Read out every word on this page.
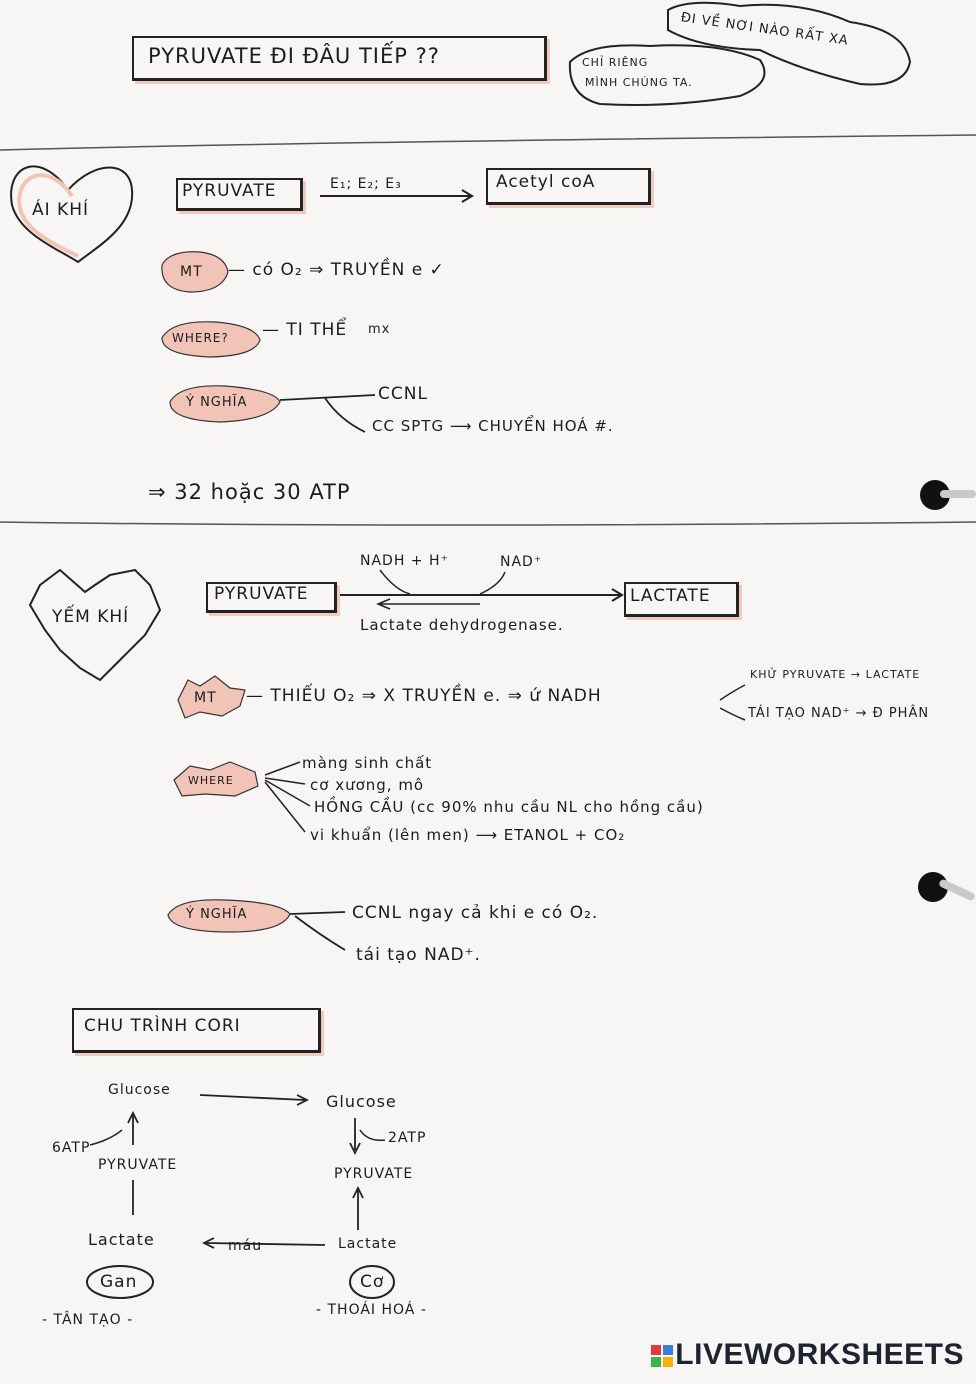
PYRUVATE ĐI ĐÂU TIẾP ??
ĐI VỀ NƠI NÀO RẤT XA
CHỈ RIÊNG
MÌNH CHÚNG TA.
ÁI KHÍ
PYRUVATE	E₁; E₂; E₃	Acetyl coA
MT — có O₂ ⇒ TRUYỀN e ✓
WHERE? — TI THỂ mx
Ý NGHĨA	CCNL
CC SPTG ⟶ CHUYỂN HOÁ #.
⇒ 32 hoặc 30 ATP
YẾM KHÍ
NADH + H⁺	NAD⁺
PYRUVATE	LACTATE
Lactate dehydrogenase.
MT — THIẾU O₂ ⇒ X TRUYỀN e. ⇒ ứ NADH
KHỬ PYRUVATE → LACTATE
TÁI TẠO NAD⁺ → Đ PHÂN
WHERE
màng sinh chất
cơ xương, mô
HỒNG CẦU (cc 90% nhu cầu NL cho hồng cầu)
vi khuẩn (lên men) ⟶ ETANOL + CO₂
Ý NGHĨA	CCNL ngay cả khi e có O₂.
tái tạo NAD⁺.
CHU TRÌNH CORI
Glucose
6ATP
PYRUVATE
Lactate
Gan
- TÂN TẠO -
Glucose
2ATP
PYRUVATE
Lactate
Cơ
- THOÁI HOÁ -
máu
LIVEWORKSHEETS
